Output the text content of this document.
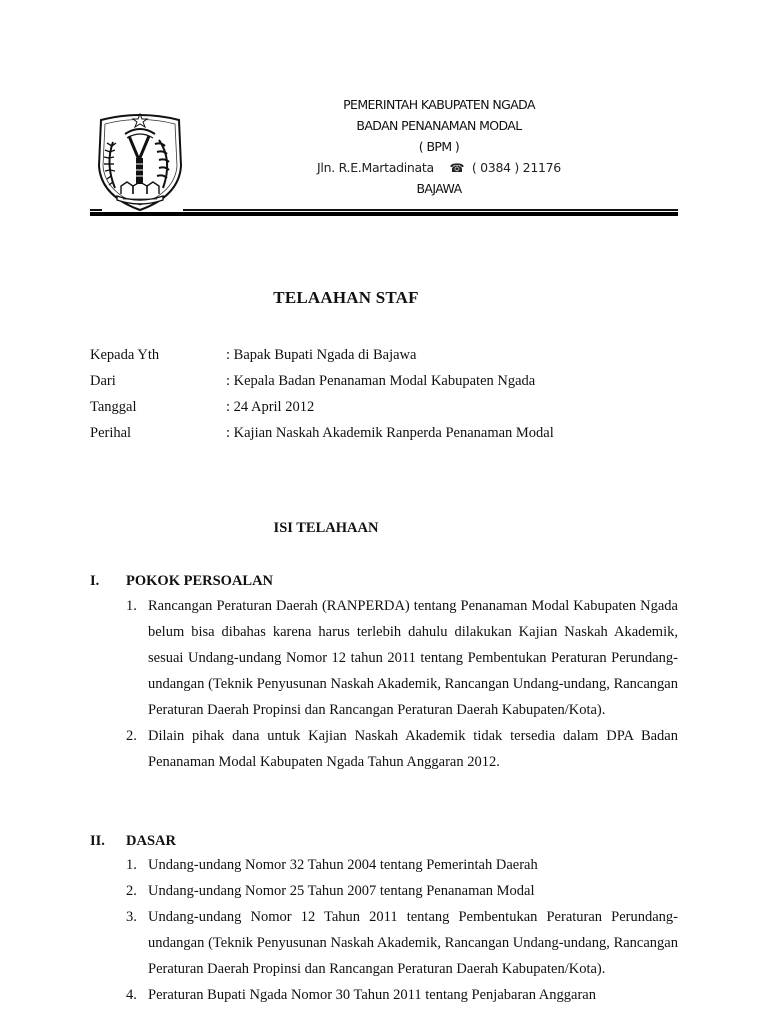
PEMERINTAH KABUPATEN NGADA
BADAN PENANAMAN MODAL
( BPM )
Jln. R.E.Martadinata ☎ ( 0384 ) 21176
BAJAWA
TELAAHAN STAF
Kepada Yth	: Bapak Bupati Ngada di Bajawa
Dari	: Kepala Badan Penanaman Modal Kabupaten Ngada
Tanggal	: 24 April 2012
Perihal	: Kajian Naskah Akademik Ranperda Penanaman Modal
ISI TELAHAAN
I. POKOK PERSOALAN
1. Rancangan Peraturan Daerah (RANPERDA) tentang Penanaman Modal Kabupaten Ngada belum bisa dibahas karena harus terlebih dahulu dilakukan Kajian Naskah Akademik, sesuai Undang-undang Nomor 12 tahun 2011 tentang Pembentukan Peraturan Perundang-undangan (Teknik Penyusunan Naskah Akademik, Rancangan Undang-undang, Rancangan Peraturan Daerah Propinsi dan Rancangan Peraturan Daerah Kabupaten/Kota).
2. Dilain pihak dana untuk Kajian Naskah Akademik tidak tersedia dalam DPA Badan Penanaman Modal Kabupaten Ngada Tahun Anggaran 2012.
II. DASAR
1. Undang-undang Nomor 32 Tahun 2004 tentang Pemerintah Daerah
2. Undang-undang Nomor 25 Tahun 2007 tentang Penanaman Modal
3. Undang-undang Nomor 12 Tahun 2011 tentang Pembentukan Peraturan Perundang-undangan (Teknik Penyusunan Naskah Akademik, Rancangan Undang-undang, Rancangan Peraturan Daerah Propinsi dan Rancangan Peraturan Daerah Kabupaten/Kota).
4. Peraturan Bupati Ngada Nomor 30 Tahun 2011 tentang Penjabaran Anggaran
